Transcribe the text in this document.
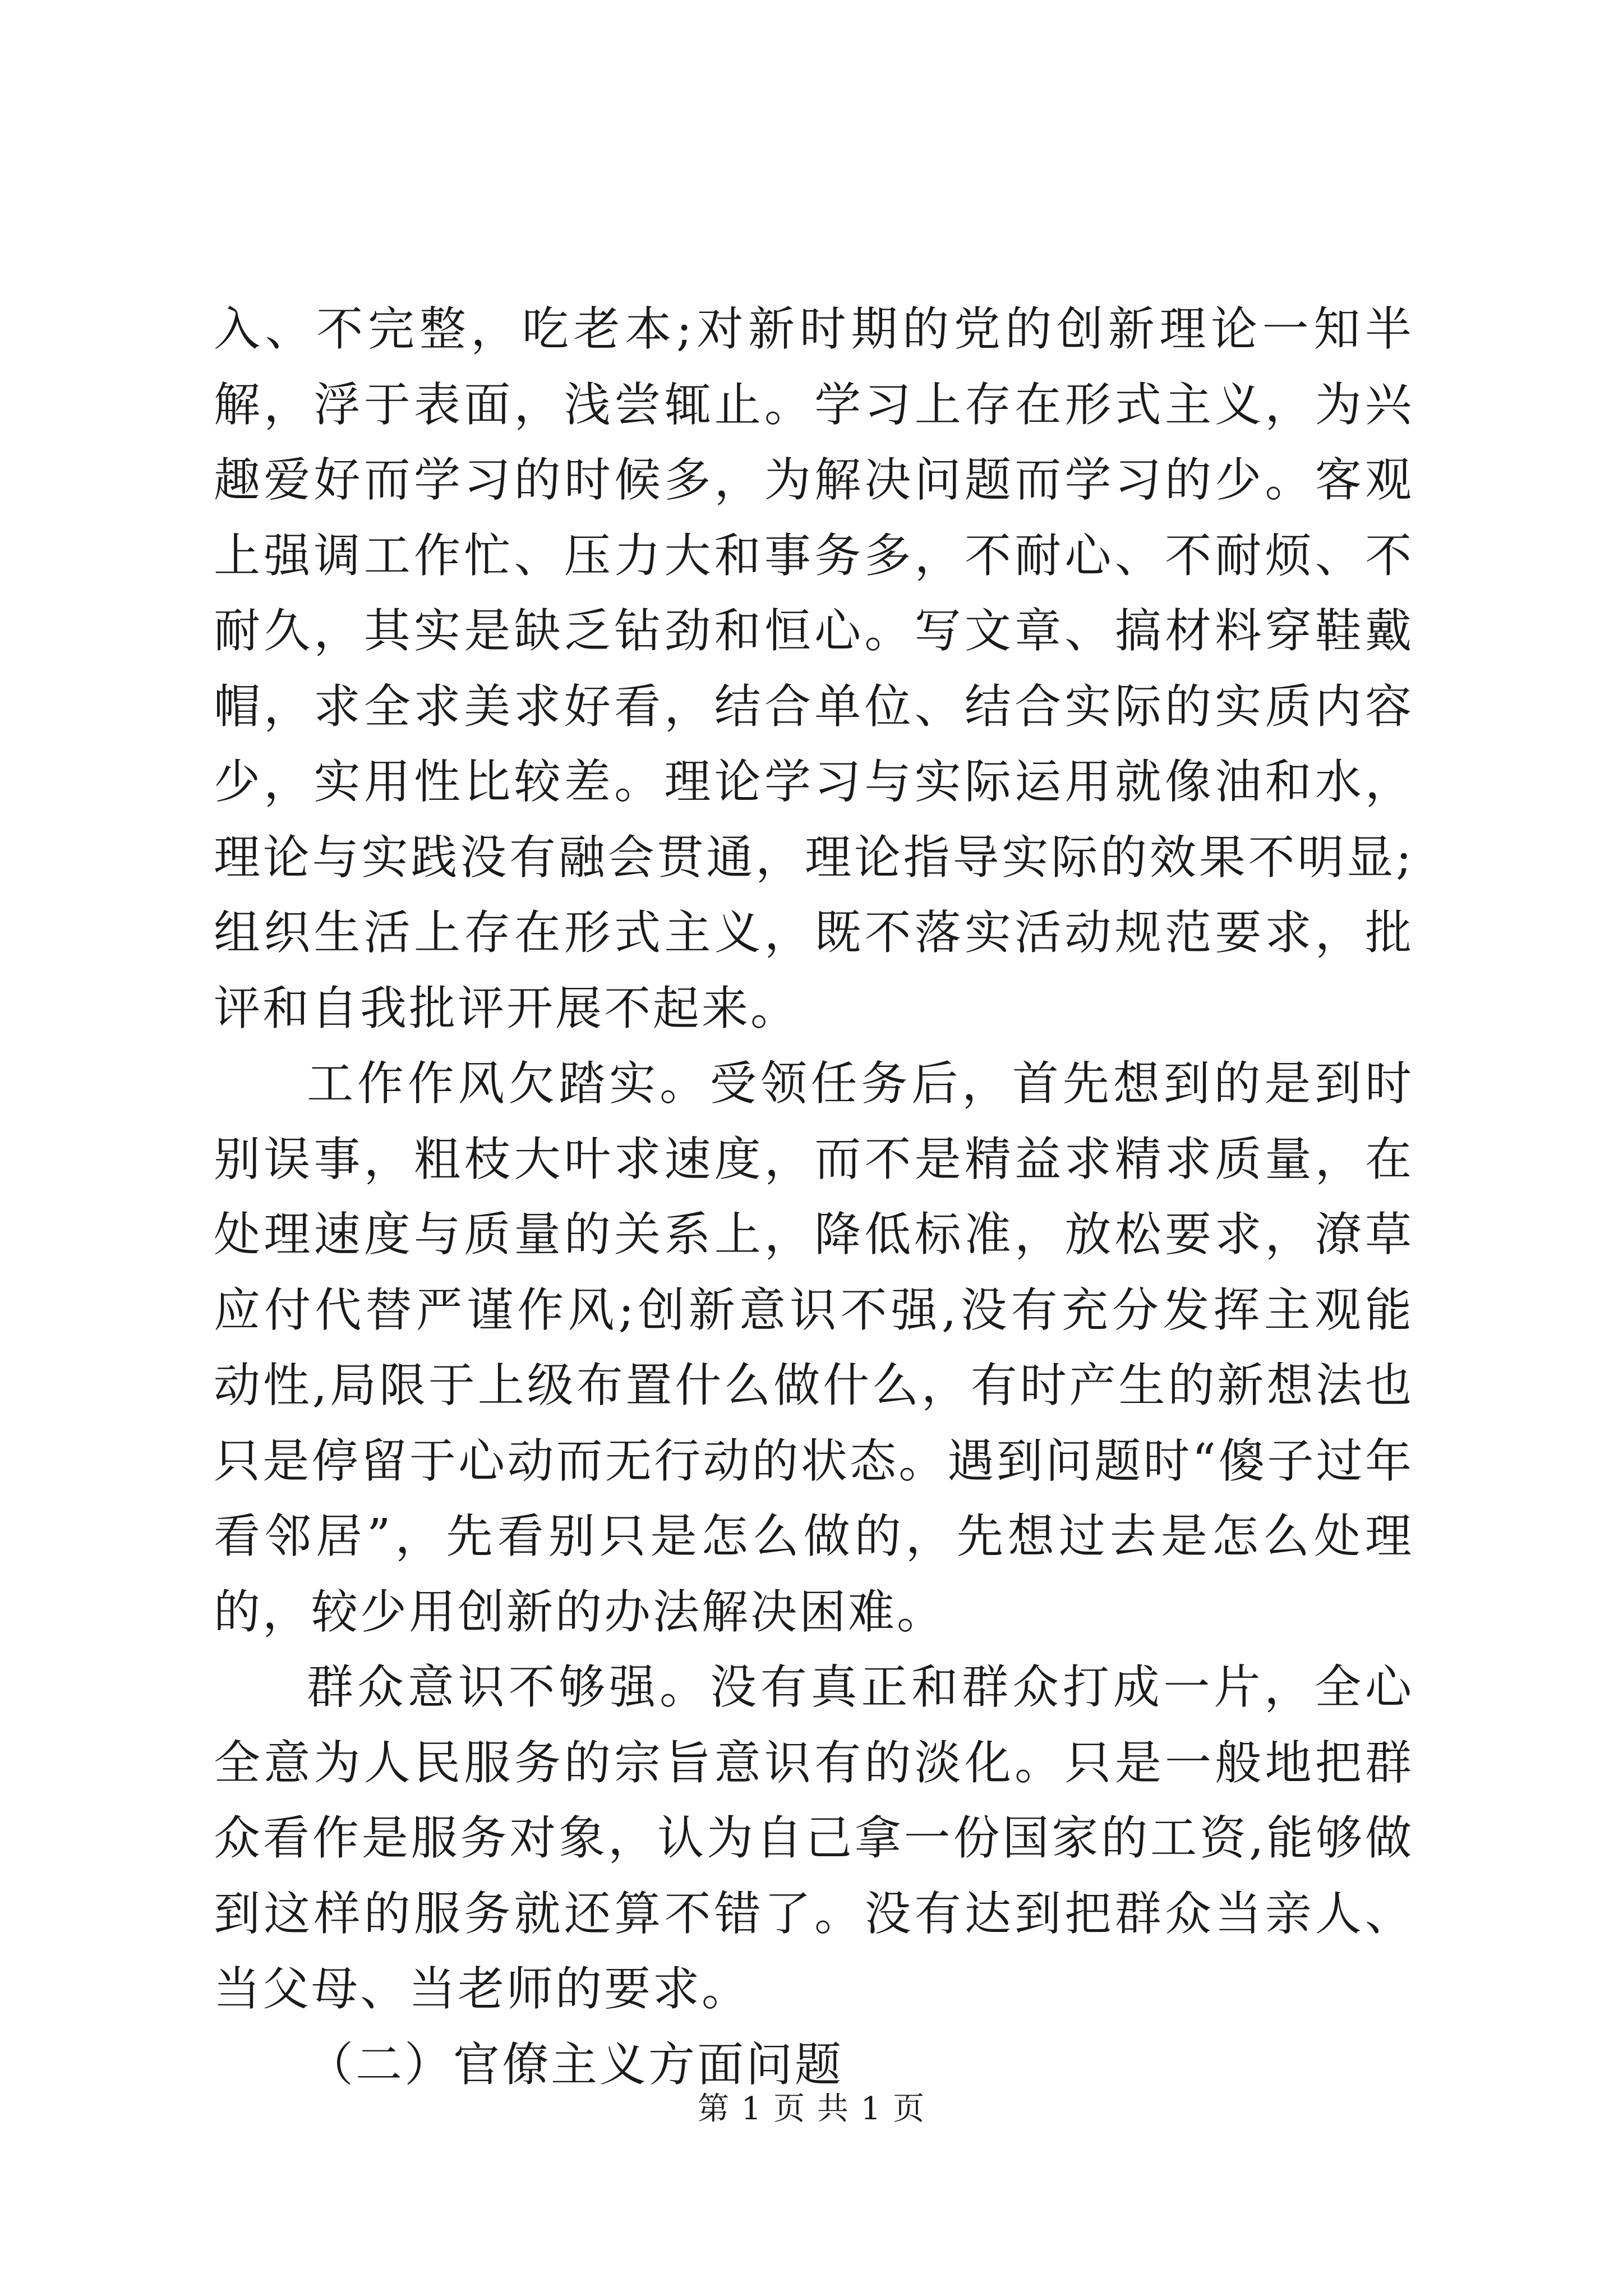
入、不完整，吃老本;对新时期的党的创新理论一知半解，浮于表面，浅尝辄止。学习上存在形式主义，为兴趣爱好而学习的时候多，为解决问题而学习的少。客观上强调工作忙、压力大和事务多，不耐心、不耐烦、不耐久，其实是缺乏钻劲和恒心。写文章、搞材料穿鞋戴帽，求全求美求好看，结合单位、结合实际的实质内容少，实用性比较差。理论学习与实际运用就像油和水，理论与实践没有融会贯通，理论指导实际的效果不明显;组织生活上存在形式主义，既不落实活动规范要求，批评和自我批评开展不起来。

工作作风欠踏实。受领任务后，首先想到的是到时别误事，粗枝大叶求速度，而不是精益求精求质量，在处理速度与质量的关系上，降低标准，放松要求，潦草应付代替严谨作风;创新意识不强,没有充分发挥主观能动性,局限于上级布置什么做什么，有时产生的新想法也只是停留于心动而无行动的状态。遇到问题时“傻子过年看邻居”，先看别只是怎么做的，先想过去是怎么处理的，较少用创新的办法解决困难。

群众意识不够强。没有真正和群众打成一片，全心全意为人民服务的宗旨意识有的淡化。只是一般地把群众看作是服务对象，认为自己拿一份国家的工资,能够做到这样的服务就还算不错了。没有达到把群众当亲人、当父母、当老师的要求。

（二）官僚主义方面问题
第 1 页 共 1 页
